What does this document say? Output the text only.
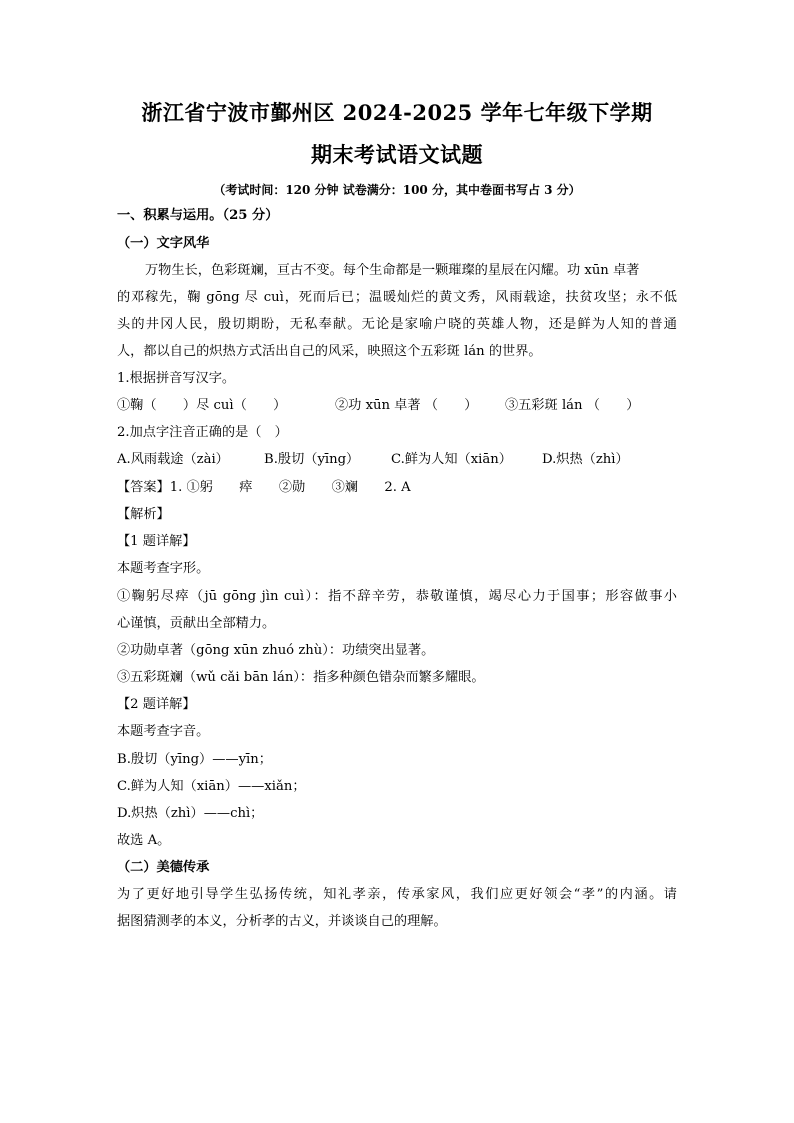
浙江省宁波市鄞州区 2024-2025 学年七年级下学期
期末考试语文试题
（考试时间：120 分钟 试卷满分：100 分，其中卷面书写占 3 分）
一、积累与运用。（25 分）
（一）文字风华
万物生长，色彩斑斓，亘古不变。每个生命都是一颗璀璨的星辰在闪耀。功 xūn 卓著
的邓稼先，鞠 gōng 尽 cuì，死而后已；温暖灿烂的黄文秀，风雨载途，扶贫攻坚；永不低
头的井冈人民，殷切期盼，无私奉献。无论是家喻户晓的英雄人物，还是鲜为人知的普通
人，都以自己的炽热方式活出自己的风采，映照这个五彩斑 lán 的世界。
1.根据拼音写汉字。
①鞠（　　）尽 cuì（　　）	②功 xūn 卓著 （　　） ③五彩斑 lán （　　）
2.加点字注音正确的是（　）
A.风雨载途（zài）	B.殷切（yīng） C.鲜为人知（xiān） D.炽热（zhì）
【答案】1. ①躬　　瘁　　②勋　　③斓　　2. A
【解析】
【1 题详解】
本题考查字形。
①鞠躬尽瘁（jū gōng jìn cuì）：指不辞辛劳，恭敬谨慎，竭尽心力于国事；形容做事小
心谨慎，贡献出全部精力。
②功勋卓著（gōng xūn zhuó zhù）：功绩突出显著。
③五彩斑斓（wǔ cǎi bān lán）：指多种颜色错杂而繁多耀眼。
【2 题详解】
本题考查字音。
B.殷切（yīng）——yīn；
C.鲜为人知（xiān）——xiǎn；
D.炽热（zhì）——chì；
故选 A。
（二）美德传承
为了更好地引导学生弘扬传统，知礼孝亲，传承家风，我们应更好领会“孝”的内涵。请
据图猜测孝的本义，分析孝的古义，并谈谈自己的理解。
